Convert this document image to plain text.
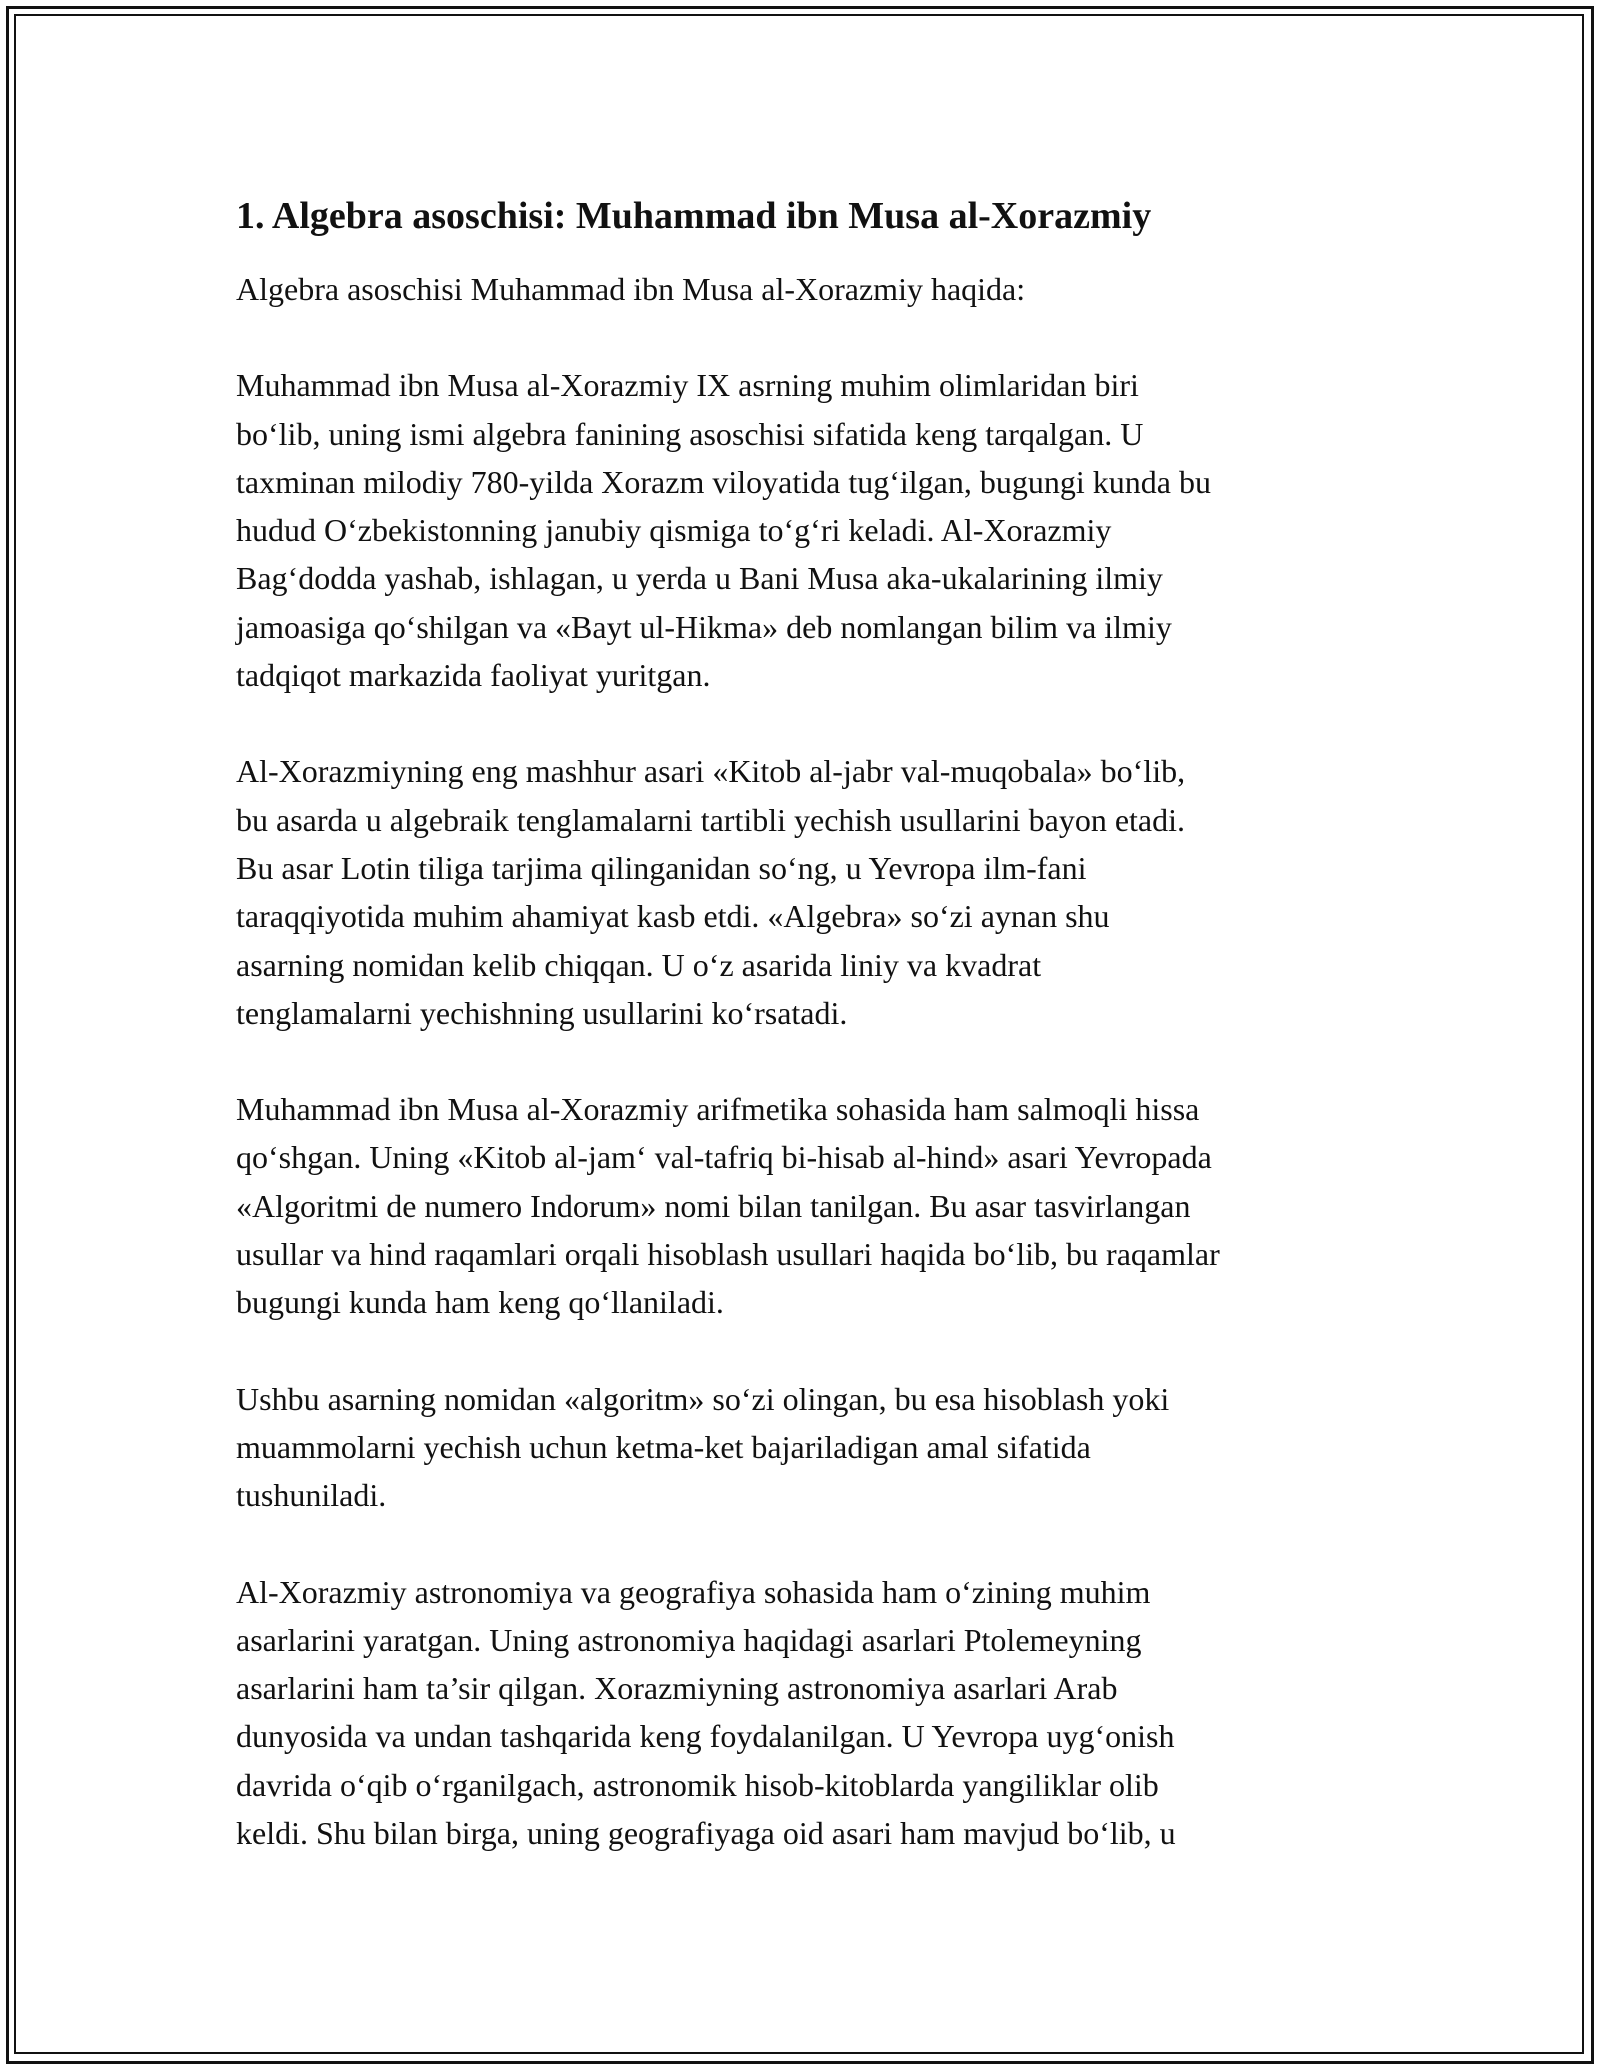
1. Algebra asoschisi: Muhammad ibn Musa al-Xorazmiy

Algebra asoschisi Muhammad ibn Musa al-Xorazmiy haqida:

Muhammad ibn Musa al-Xorazmiy IX asrning muhim olimlaridan biri
bo‘lib, uning ismi algebra fanining asoschisi sifatida keng tarqalgan. U
taxminan milodiy 780-yilda Xorazm viloyatida tug‘ilgan, bugungi kunda bu
hudud O‘zbekistonning janubiy qismiga to‘g‘ri keladi. Al-Xorazmiy
Bag‘dodda yashab, ishlagan, u yerda u Bani Musa aka-ukalarining ilmiy
jamoasiga qo‘shilgan va «Bayt ul-Hikma» deb nomlangan bilim va ilmiy
tadqiqot markazida faoliyat yuritgan.

Al-Xorazmiyning eng mashhur asari «Kitob al-jabr val-muqobala» bo‘lib,
bu asarda u algebraik tenglamalarni tartibli yechish usullarini bayon etadi.
Bu asar Lotin tiliga tarjima qilinganidan so‘ng, u Yevropa ilm-fani
taraqqiyotida muhim ahamiyat kasb etdi. «Algebra» so‘zi aynan shu
asarning nomidan kelib chiqqan. U o‘z asarida liniy va kvadrat
tenglamalarni yechishning usullarini ko‘rsatadi.

Muhammad ibn Musa al-Xorazmiy arifmetika sohasida ham salmoqli hissa
qo‘shgan. Uning «Kitob al-jam‘ val-tafriq bi-hisab al-hind» asari Yevropada
«Algoritmi de numero Indorum» nomi bilan tanilgan. Bu asar tasvirlangan
usullar va hind raqamlari orqali hisoblash usullari haqida bo‘lib, bu raqamlar
bugungi kunda ham keng qo‘llaniladi.

Ushbu asarning nomidan «algoritm» so‘zi olingan, bu esa hisoblash yoki
muammolarni yechish uchun ketma-ket bajariladigan amal sifatida
tushuniladi.

Al-Xorazmiy astronomiya va geografiya sohasida ham o‘zining muhim
asarlarini yaratgan. Uning astronomiya haqidagi asarlari Ptolemeyning
asarlarini ham ta’sir qilgan. Xorazmiyning astronomiya asarlari Arab
dunyosida va undan tashqarida keng foydalanilgan. U Yevropa uyg‘onish
davrida o‘qib o‘rganilgach, astronomik hisob-kitoblarda yangiliklar olib
keldi. Shu bilan birga, uning geografiyaga oid asari ham mavjud bo‘lib, u
